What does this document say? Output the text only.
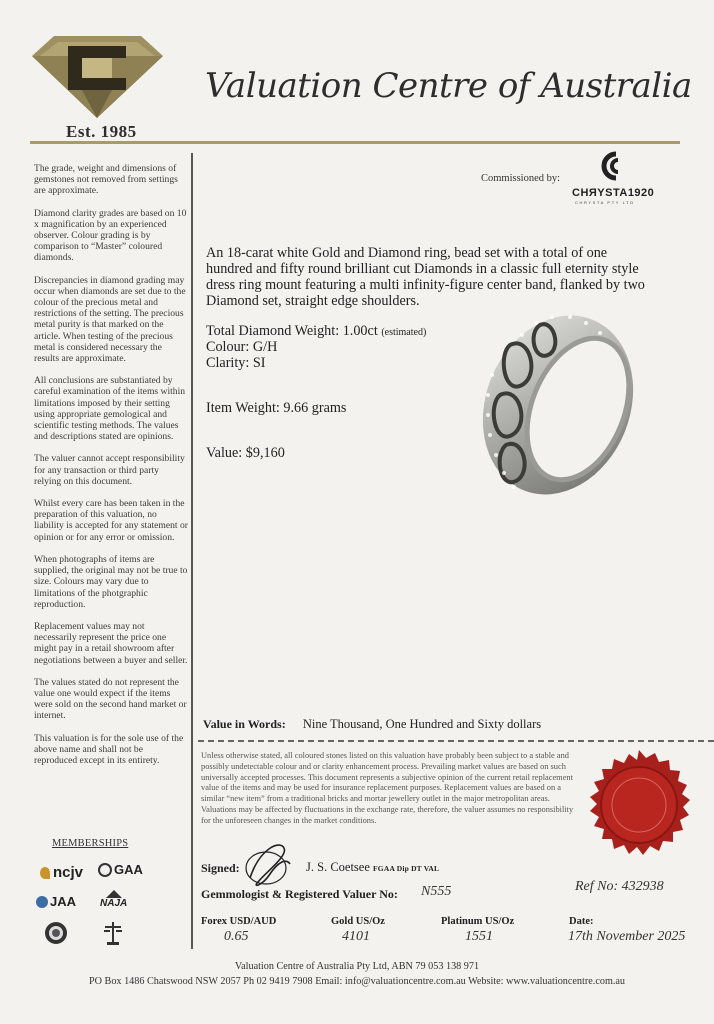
Est. 1985
Valuation Centre of Australia

The grade, weight and dimensions of gemstones not removed from settings are approximate.

Diamond clarity grades are based on 10 x magnification by an experienced observer. Colour grading is by comparison to “Master” coloured diamonds.

Discrepancies in diamond grading may occur when diamonds are set due to the colour of the precious metal and restrictions of the setting. The precious metal purity is that marked on the article. When testing of the precious metal is considered necessary the results are approximate.

All conclusions are substantiated by careful examination of the items within limitations imposed by their setting using appropriate gemological and scientific testing methods. The values and descriptions stated are opinions.

The valuer cannot accept responsibility for any transaction or third party relying on this document.

Whilst every care has been taken in the preparation of this valuation, no liability is accepted for any statement or opinion or for any error or omission.

When photographs of items are supplied, the original may not be true to size. Colours may vary due to limitations of the photgraphic reproduction.

Replacement values may not necessarily represent the price one might pay in a retail showroom after negotiations between a buyer and seller.

The values stated do not represent the value one would expect if the items were sold on the second hand market or internet.

This valuation is for the sole use of the above name and shall not be reproduced except in its entirety.

MEMBERSHIPS
ncjv GAA
JAA NAJA
Commissioned by:
CHЯYSTA1920
CHRYSTA PTY LTD
An 18-carat white Gold and Diamond ring, bead set with a total of one hundred and fifty round brilliant cut Diamonds in a classic full eternity style dress ring mount featuring a multi infinity-figure center band, flanked by two Diamond set, straight edge shoulders.
Total Diamond Weight: 1.00ct (estimated)
Colour: G/H
Clarity: SI
Item Weight: 9.66 grams
Value: $9,160
Value in Words: Nine Thousand, One Hundred and Sixty dollars
Unless otherwise stated, all coloured stones listed on this valuation have probably been subject to a stable and possibly undetectable colour and or clarity enhancement process. Prevailing market values are based on such universally accepted processes. This document represents a subjective opinion of the current retail replacement value of the items and may be used for insurance replacement purposes. Replacement values are based on a similar “new item” from a traditional bricks and mortar jewellery outlet in the major metropolitan areas. Valuations may be affected by fluctuations in the exchange rate, therefore, the valuer assumes no responsibility for the unforeseen changes in the market conditions.
Signed:	J. S. Coetsee FGAA Dip DT VAL
Gemmologist & Registered Valuer No: N555	Ref No: 432938
Forex USD/AUD
0.65
Gold US/Oz
4101
Platinum US/Oz
1551
Date:
17th November 2025
Valuation Centre of Australia Pty Ltd, ABN 79 053 138 971
PO Box 1486 Chatswood NSW 2057 Ph 02 9419 7908 Email: info@valuationcentre.com.au Website: www.valuationcentre.com.au
